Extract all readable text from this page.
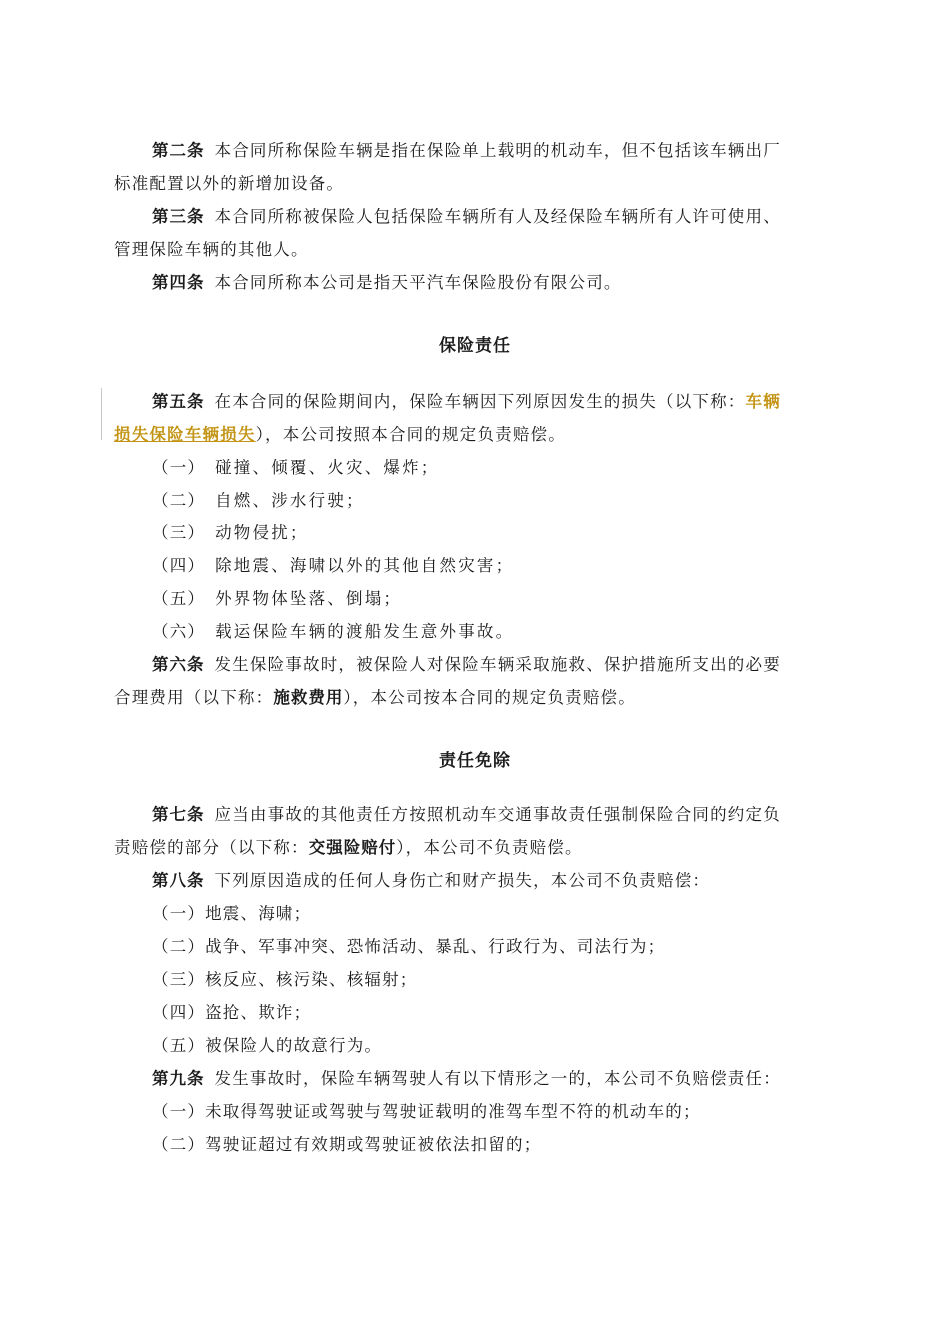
第二条 本合同所称保险车辆是指在保险单上载明的机动车，但不包括该车辆出厂
标准配置以外的新增加设备。
第三条 本合同所称被保险人包括保险车辆所有人及经保险车辆所有人许可使用、
管理保险车辆的其他人。
第四条 本合同所称本公司是指天平汽车保险股份有限公司。
保险责任
第五条 在本合同的保险期间内，保险车辆因下列原因发生的损失（以下称：车辆
损失保险车辆损失），本公司按照本合同的规定负责赔偿。
（一） 碰撞、倾覆、火灾、爆炸；
（二） 自燃、涉水行驶；
（三） 动物侵扰；
（四） 除地震、海啸以外的其他自然灾害；
（五） 外界物体坠落、倒塌；
（六） 载运保险车辆的渡船发生意外事故。
第六条 发生保险事故时，被保险人对保险车辆采取施救、保护措施所支出的必要
合理费用（以下称：施救费用），本公司按本合同的规定负责赔偿。
责任免除
第七条 应当由事故的其他责任方按照机动车交通事故责任强制保险合同的约定负
责赔偿的部分（以下称：交强险赔付），本公司不负责赔偿。
第八条 下列原因造成的任何人身伤亡和财产损失，本公司不负责赔偿：
（一）地震、海啸；
（二）战争、军事冲突、恐怖活动、暴乱、行政行为、司法行为；
（三）核反应、核污染、核辐射；
（四）盗抢、欺诈；
（五）被保险人的故意行为。
第九条 发生事故时，保险车辆驾驶人有以下情形之一的，本公司不负赔偿责任：
（一）未取得驾驶证或驾驶与驾驶证载明的准驾车型不符的机动车的；
（二）驾驶证超过有效期或驾驶证被依法扣留的；
